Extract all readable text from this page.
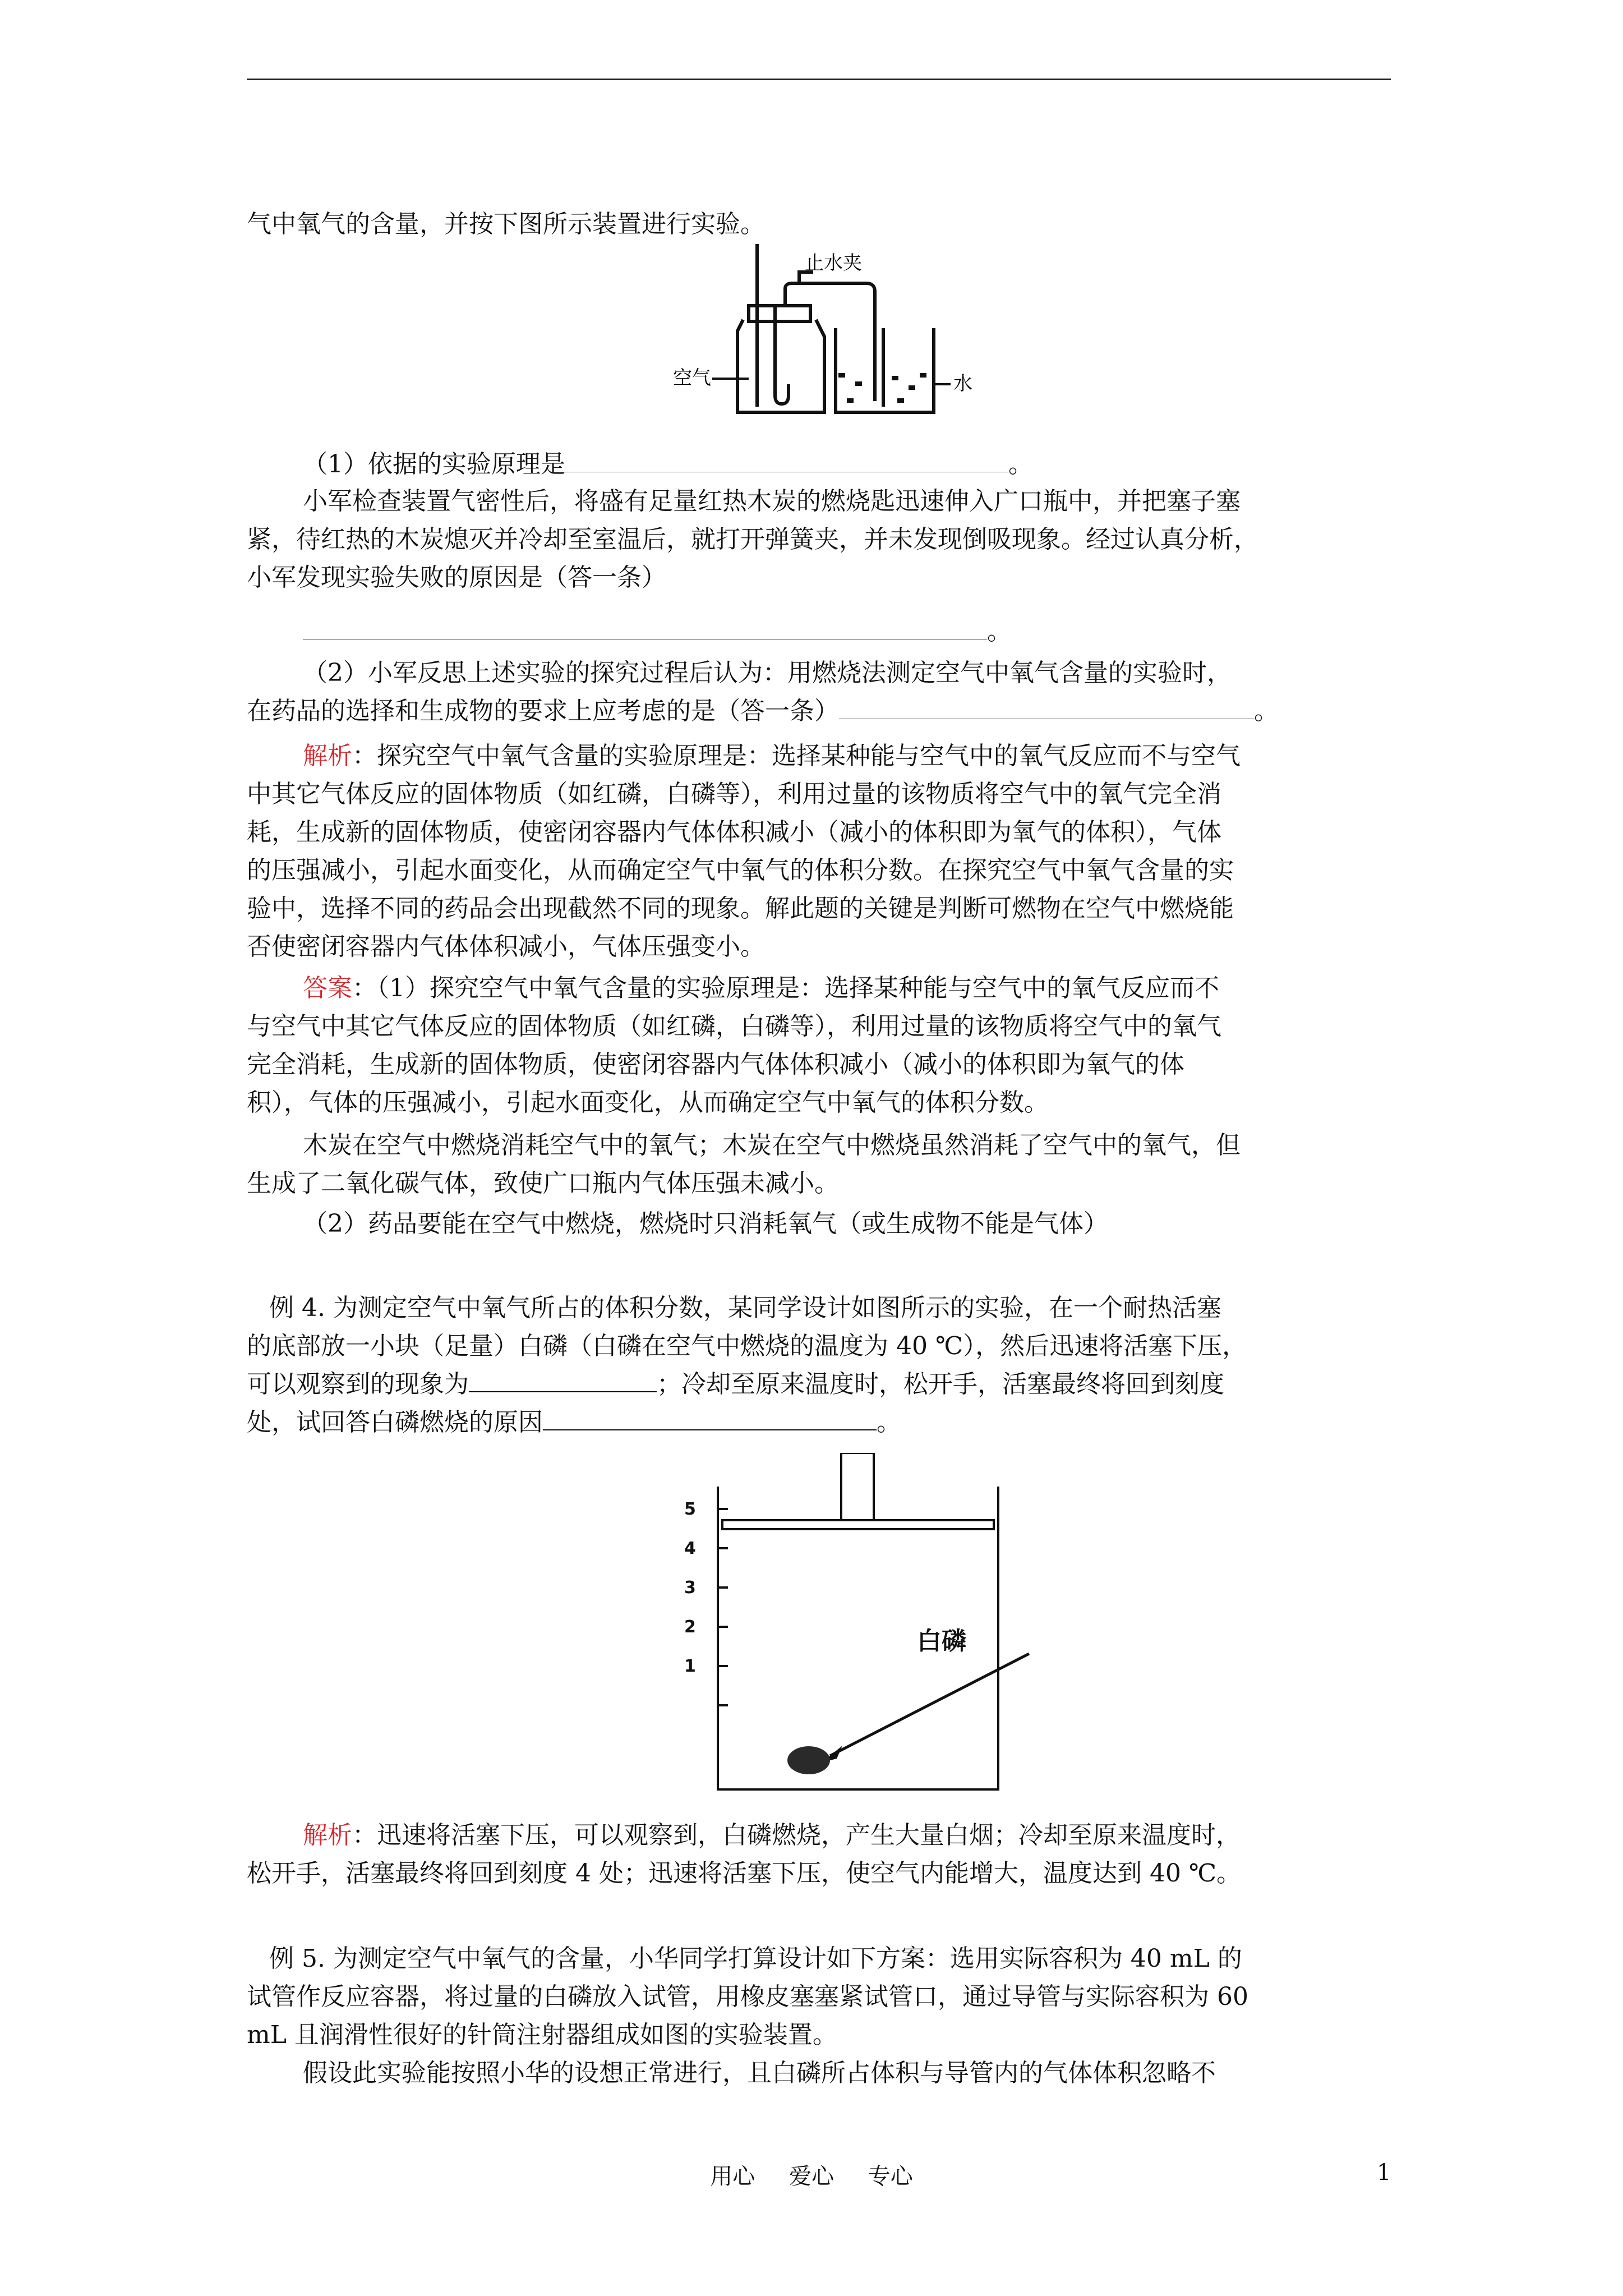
气中氧气的含量，并按下图所示装置进行实验。
止水夹
空气	水
（1）依据的实验原理是	。
小军检查装置气密性后，将盛有足量红热木炭的燃烧匙迅速伸入广口瓶中，并把塞子塞
紧，待红热的木炭熄灭并冷却至室温后，就打开弹簧夹，并未发现倒吸现象。经过认真分析，
小军发现实验失败的原因是（答一条）
。
（2）小军反思上述实验的探究过程后认为：用燃烧法测定空气中氧气含量的实验时，
在药品的选择和生成物的要求上应考虑的是（答一条）	。
解析：探究空气中氧气含量的实验原理是：选择某种能与空气中的氧气反应而不与空气
中其它气体反应的固体物质（如红磷，白磷等），利用过量的该物质将空气中的氧气完全消
耗，生成新的固体物质，使密闭容器内气体体积减小（减小的体积即为氧气的体积），气体
的压强减小，引起水面变化，从而确定空气中氧气的体积分数。在探究空气中氧气含量的实
验中，选择不同的药品会出现截然不同的现象。解此题的关键是判断可燃物在空气中燃烧能
否使密闭容器内气体体积减小，气体压强变小。
答案：（1）探究空气中氧气含量的实验原理是：选择某种能与空气中的氧气反应而不
与空气中其它气体反应的固体物质（如红磷，白磷等），利用过量的该物质将空气中的氧气
完全消耗，生成新的固体物质，使密闭容器内气体体积减小（减小的体积即为氧气的体
积），气体的压强减小，引起水面变化，从而确定空气中氧气的体积分数。
木炭在空气中燃烧消耗空气中的氧气；木炭在空气中燃烧虽然消耗了空气中的氧气，但
生成了二氧化碳气体，致使广口瓶内气体压强未减小。
（2）药品要能在空气中燃烧，燃烧时只消耗氧气（或生成物不能是气体）
例 4. 为测定空气中氧气所占的体积分数，某同学设计如图所示的实验，在一个耐热活塞
的底部放一小块（足量）白磷（白磷在空气中燃烧的温度为 40 ℃），然后迅速将活塞下压，
可以观察到的现象为	；冷却至原来温度时，松开手，活塞最终将回到刻度
处，试回答白磷燃烧的原因	。
5
4
3
2
1
白磷
解析：迅速将活塞下压，可以观察到，白磷燃烧，产生大量白烟；冷却至原来温度时，
松开手，活塞最终将回到刻度 4 处；迅速将活塞下压，使空气内能增大，温度达到 40 ℃。
例 5. 为测定空气中氧气的含量，小华同学打算设计如下方案：选用实际容积为 40 mL 的
试管作反应容器，将过量的白磷放入试管，用橡皮塞塞紧试管口，通过导管与实际容积为 60
mL 且润滑性很好的针筒注射器组成如图的实验装置。
假设此实验能按照小华的设想正常进行，且白磷所占体积与导管内的气体体积忽略不
用心 爱心 专心	1
